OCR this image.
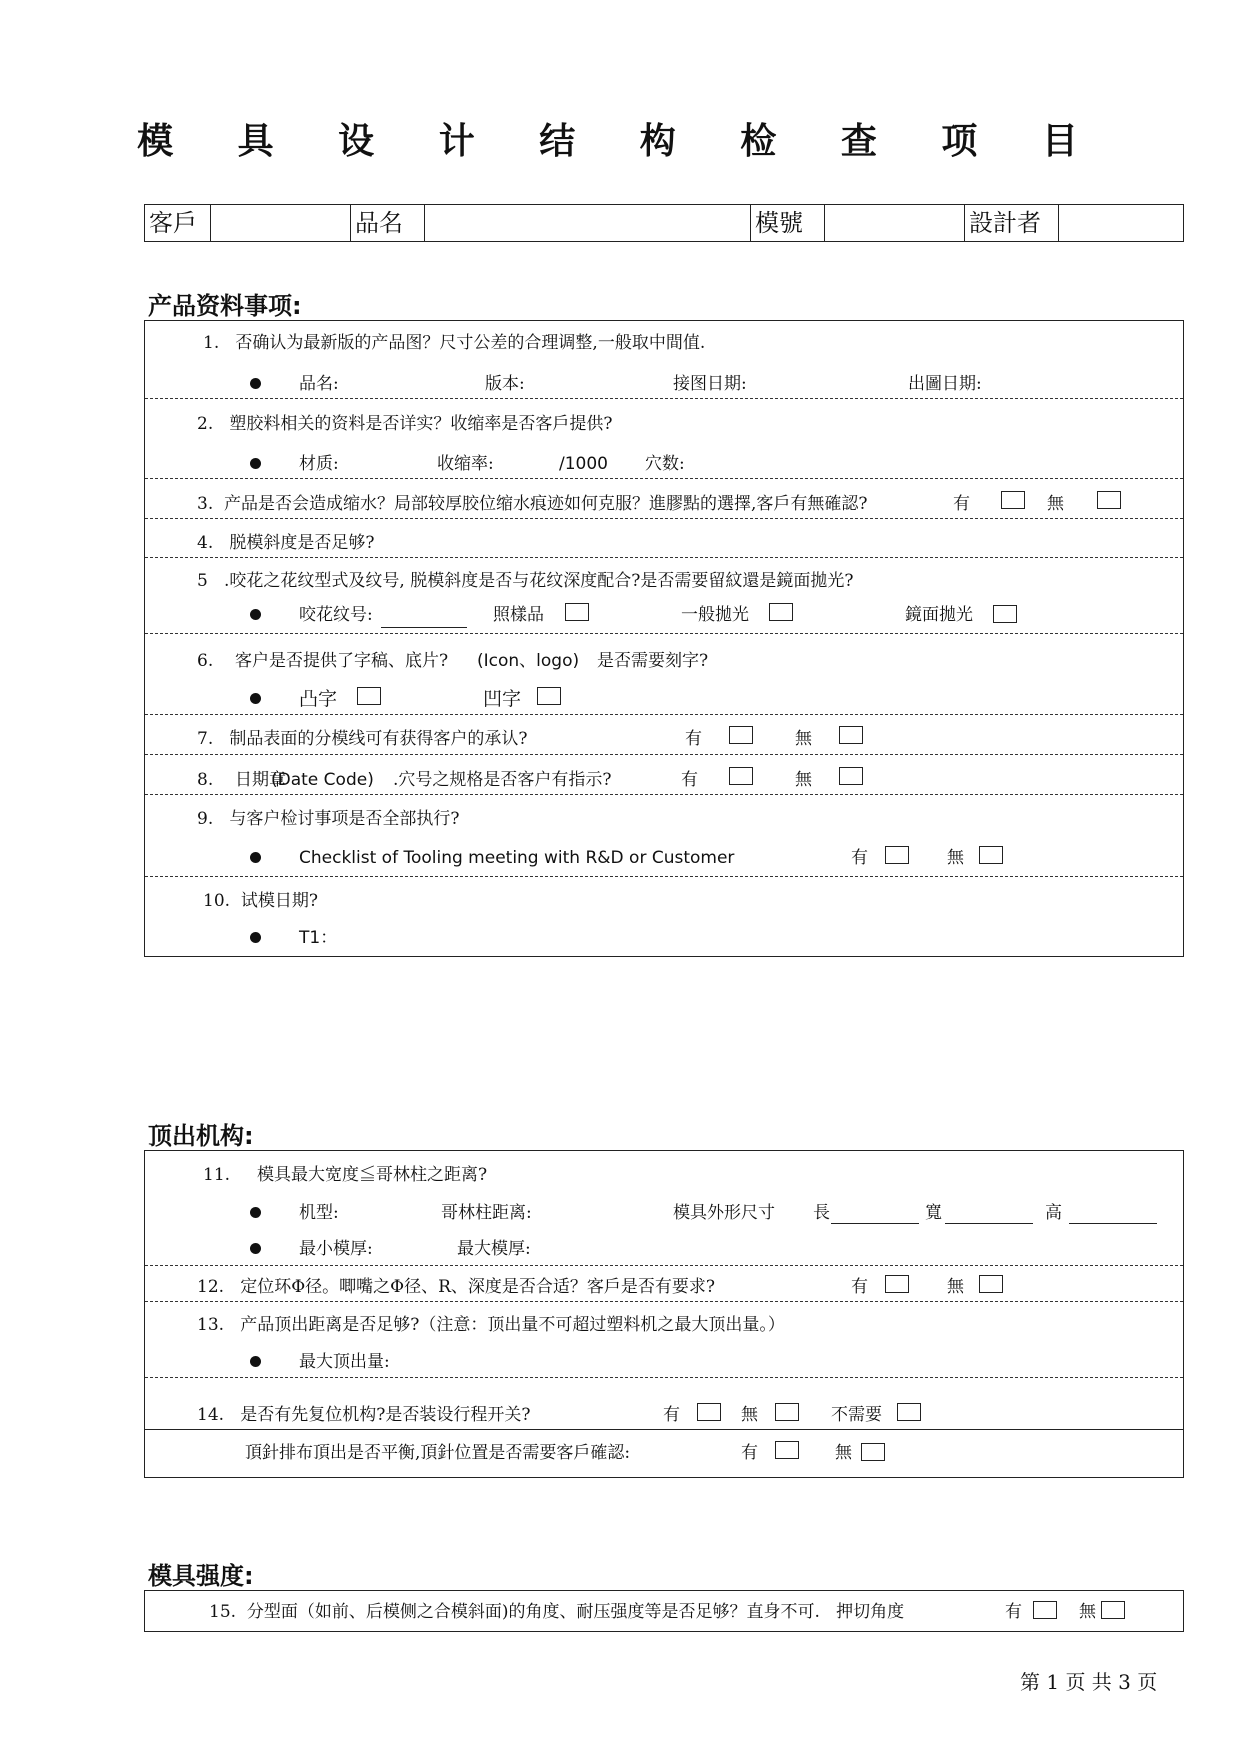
模 具 设 计 结 构 检 查 项 目
客戶	品名	模號	設計者
产品资料事项:
1.   否确认为最新版的产品图？尺寸公差的合理调整,一般取中間值.
品名:	版本:	接图日期:	出圖日期:
2.   塑胶料相关的资料是否详实？收缩率是否客戶提供?
材质:	收缩率:	/1000 穴数:
3.  产品是否会造成缩水？局部较厚胶位缩水痕迹如何克服？進膠點的選擇,客戶有無確認?	有	無
4.   脱模斜度是否足够?
5   .咬花之花纹型式及纹号, 脱模斜度是否与花纹深度配合?是否需要留紋還是鏡面拋光?
咬花纹号:	照樣品	一般拋光	鏡面拋光
6. 客户是否提供了字稿、底片? (Icon、logo) 是否需要刻字?
凸字	凹字
7.   制品表面的分模线可有获得客户的承认?	有	無
8. 日期章
(Date Code) .穴号之规格是否客户有指示?	有	無
9.   与客户检讨事项是否全部执行?
Checklist of Tooling meeting with R&D or Customer	有	無
10.  试模日期?
T1：
顶出机构:
11.     模具最大宽度≦哥林柱之距离?
机型:	哥林柱距离:	模具外形尺寸 長	寬	高
最小模厚:	最大模厚:
12.   定位环Φ径。唧嘴之Φ径、R、深度是否合适？客戶是否有要求?	有	無
13.   产品顶出距离是否足够?（注意：顶出量不可超过塑料机之最大顶出量。）
最大顶出量:
14.   是否有先复位机构?是否装设行程开关?	有	無	不需要
頂針排布頂出是否平衡,頂針位置是否需要客戶確認:	有	無
模具强度:
15.  分型面（如前、后模侧之合模斜面)的角度、耐压强度等是否足够？直身不可.   押切角度	有	無
第 1 页 共 3 页
